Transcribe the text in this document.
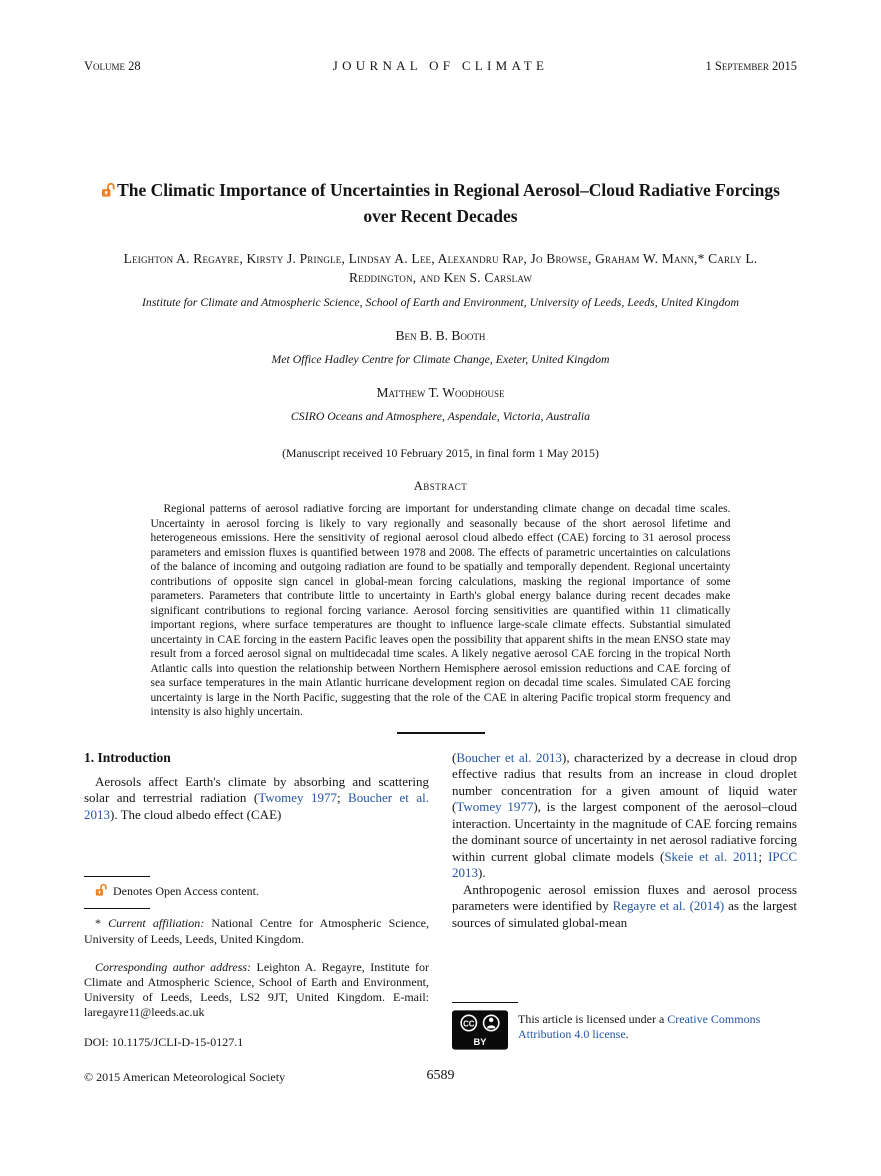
Volume 28	JOURNAL OF CLIMATE	1 September 2015
The Climatic Importance of Uncertainties in Regional Aerosol–Cloud Radiative Forcings over Recent Decades

Leighton A. Regayre, Kirsty J. Pringle, Lindsay A. Lee, Alexandru Rap, Jo Browse, Graham W. Mann,* Carly L. Reddington, and Ken S. Carslaw

Institute for Climate and Atmospheric Science, School of Earth and Environment, University of Leeds, Leeds, United Kingdom

Ben B. B. Booth

Met Office Hadley Centre for Climate Change, Exeter, United Kingdom

Matthew T. Woodhouse

CSIRO Oceans and Atmosphere, Aspendale, Victoria, Australia

(Manuscript received 10 February 2015, in final form 1 May 2015)

Abstract

Regional patterns of aerosol radiative forcing are important for understanding climate change on decadal time scales. Uncertainty in aerosol forcing is likely to vary regionally and seasonally because of the short aerosol lifetime and heterogeneous emissions. Here the sensitivity of regional aerosol cloud albedo effect (CAE) forcing to 31 aerosol process parameters and emission fluxes is quantified between 1978 and 2008. The effects of parametric uncertainties on calculations of the balance of incoming and outgoing radiation are found to be spatially and temporally dependent. Regional uncertainty contributions of opposite sign cancel in global-mean forcing calculations, masking the regional importance of some parameters. Parameters that contribute little to uncertainty in Earth's global energy balance during recent decades make significant contributions to regional forcing variance. Aerosol forcing sensitivities are quantified within 11 climatically important regions, where surface temperatures are thought to influence large-scale climate effects. Substantial simulated uncertainty in CAE forcing in the eastern Pacific leaves open the possibility that apparent shifts in the mean ENSO state may result from a forced aerosol signal on multidecadal time scales. A likely negative aerosol CAE forcing in the tropical North Atlantic calls into question the relationship between Northern Hemisphere aerosol emission reductions and CAE forcing of sea surface temperatures in the main Atlantic hurricane development region on decadal time scales. Simulated CAE forcing uncertainty is large in the North Pacific, suggesting that the role of the CAE in altering Pacific tropical storm frequency and intensity is also highly uncertain.

1. Introduction

Aerosols affect Earth's climate by absorbing and scattering solar and terrestrial radiation (Twomey 1977; Boucher et al. 2013). The cloud albedo effect (CAE)

Denotes Open Access content.

* Current affiliation: National Centre for Atmospheric Science, University of Leeds, Leeds, United Kingdom.

Corresponding author address: Leighton A. Regayre, Institute for Climate and Atmospheric Science, School of Earth and Environment, University of Leeds, Leeds, LS2 9JT, United Kingdom. E-mail: laregayre11@leeds.ac.uk

DOI: 10.1175/JCLI-D-15-0127.1

(Boucher et al. 2013), characterized by a decrease in cloud drop effective radius that results from an increase in cloud droplet number concentration for a given amount of liquid water (Twomey 1977), is the largest component of the aerosol–cloud interaction. Uncertainty in the magnitude of CAE forcing remains the dominant source of uncertainty in net aerosol radiative forcing within current global climate models (Skeie et al. 2011; IPCC 2013).

Anthropogenic aerosol emission fluxes and aerosol process parameters were identified by Regayre et al. (2014) as the largest sources of simulated global-mean

CC
BY

This article is licensed under a Creative Commons Attribution 4.0 license.

© 2015 American Meteorological Society	6589
